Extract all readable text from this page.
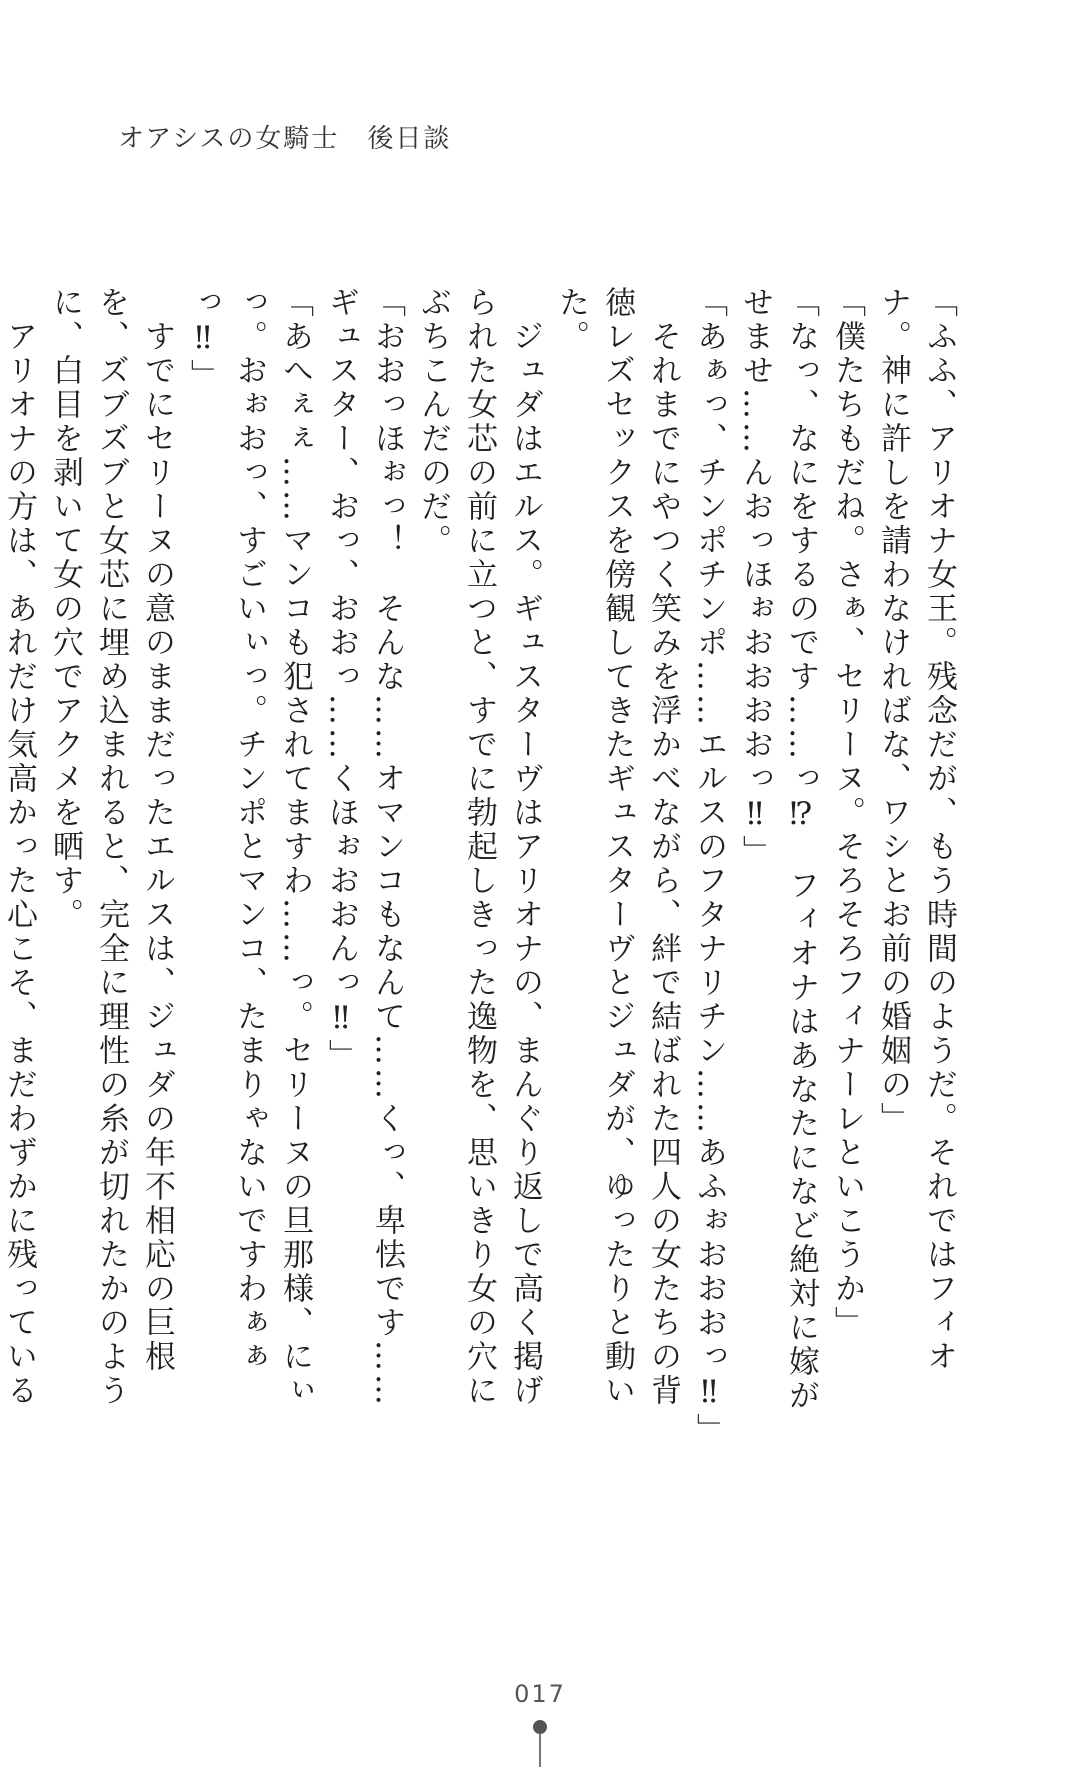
オアシスの女騎士　後日談

「ふふ、アリオナ女王。残念だが、もう時間のようだ。それではフィオナ。神に許しを請わなければな、ワシとお前の婚姻の」

「僕たちもだね。さぁ、セリーヌ。そろそろフィナーレといこうか」

「なっ、なにをするのです……っ⁉　フィオナはあなたになど絶対に嫁がせませ……んおっほぉおおおおっ‼」

「あぁっ、チンポチンポ……エルスのフタナリチン……あふぉおおおっ‼」

　それまでにやつく笑みを浮かべながら、絆で結ばれた四人の女たちの背徳レズセックスを傍観してきたギュスターヴとジュダが、ゆったりと動いた。

　ジュダはエルス。ギュスターヴはアリオナの、まんぐり返しで高く掲げられた女芯の前に立つと、すでに勃起しきった逸物を、思いきり女の穴にぶちこんだのだ。

「おおっほぉっ！　そんな……オマンコもなんて……くっ、卑怯です……ギュスター、おっ、おおっ……くほぉおおんっ‼」

「あへぇぇ……マンコも犯されてますわ……っ。セリーヌの旦那様、にぃっ。おぉおっ、すごいぃっ。チンポとマンコ、たまりゃないですわぁぁっ‼」

　すでにセリーヌの意のままだったエルスは、ジュダの年不相応の巨根を、ズブズブと女芯に埋め込まれると、完全に理性の糸が切れたかのように、白目を剥いて女の穴でアクメを晒す。

　アリオナの方は、あれだけ気高かった心こそ、まだわずかに残っている

017
